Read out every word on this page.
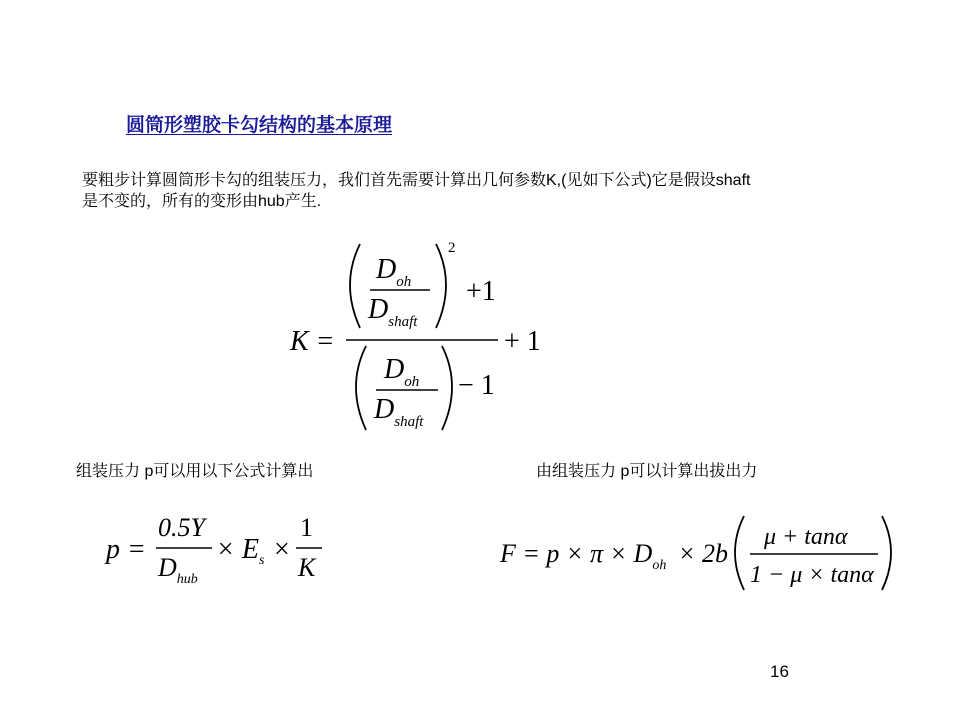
圆筒形塑胶卡勾结构的基本原理
要粗步计算圆筒形卡勾的组装压力，我们首先需要计算出几何参数K,(见如下公式)它是假设shaft
是不变的，所有的变形由hub产生.
K =	+ 1
$D_{oh}$
$D_{shaft}$
2
+1
$D_{oh}$
$D_{shaft}$
− 1
组装压力 p可以用以下公式计算出	由组装压力 p可以计算出拔出力
p =
0.5Y
$D_{hub}$
× $E_s$ ×
1
K	$F = p \times \pi \times D_{oh} \times 2b$
μ + tanα
1 − μ × tanα
16
